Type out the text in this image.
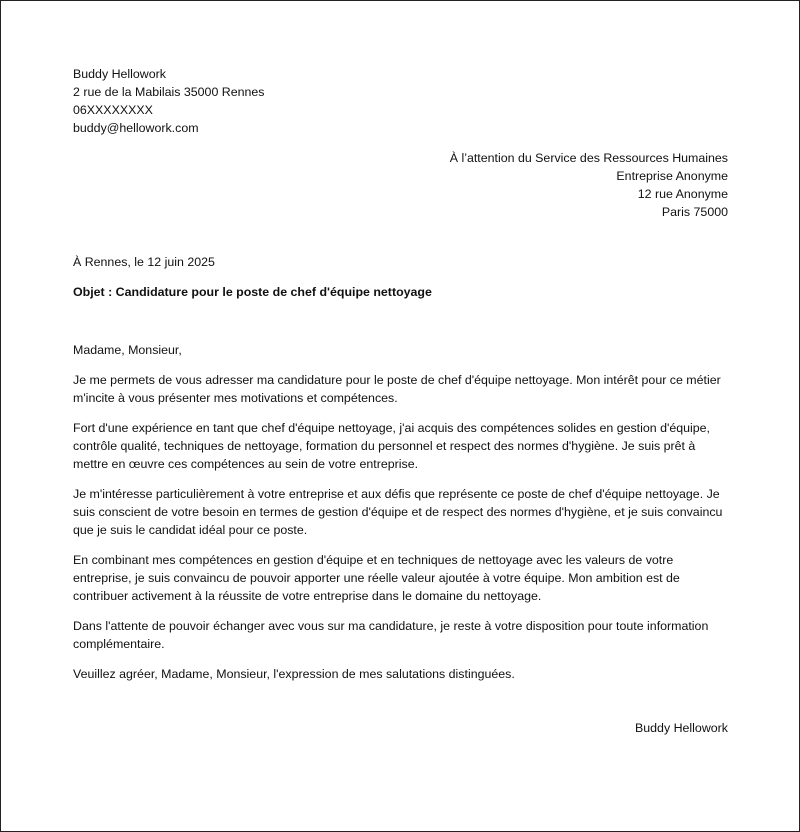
Buddy Hellowork
2 rue de la Mabilais 35000 Rennes
06XXXXXXXX
buddy@hellowork.com
À l’attention du Service des Ressources Humaines
Entreprise Anonyme
12 rue Anonyme
Paris 75000
À Rennes, le 12 juin 2025
Objet : Candidature pour le poste de chef d'équipe nettoyage
Madame, Monsieur,

Je me permets de vous adresser ma candidature pour le poste de chef d'équipe nettoyage. Mon intérêt pour ce métier m'incite à vous présenter mes motivations et compétences.

Fort d'une expérience en tant que chef d'équipe nettoyage, j'ai acquis des compétences solides en gestion d'équipe, contrôle qualité, techniques de nettoyage, formation du personnel et respect des normes d'hygiène. Je suis prêt à mettre en œuvre ces compétences au sein de votre entreprise.

Je m'intéresse particulièrement à votre entreprise et aux défis que représente ce poste de chef d'équipe nettoyage. Je suis conscient de votre besoin en termes de gestion d'équipe et de respect des normes d'hygiène, et je suis convaincu que je suis le candidat idéal pour ce poste.

En combinant mes compétences en gestion d'équipe et en techniques de nettoyage avec les valeurs de votre entreprise, je suis convaincu de pouvoir apporter une réelle valeur ajoutée à votre équipe. Mon ambition est de contribuer activement à la réussite de votre entreprise dans le domaine du nettoyage.

Dans l'attente de pouvoir échanger avec vous sur ma candidature, je reste à votre disposition pour toute information complémentaire.

Veuillez agréer, Madame, Monsieur, l'expression de mes salutations distinguées.

Buddy Hellowork
